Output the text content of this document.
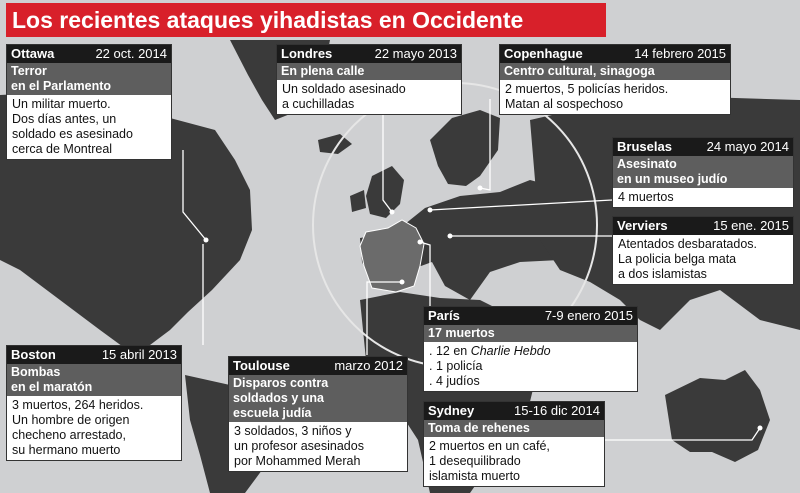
Los recientes ataques yihadistas en Occidente
Ottawa	22 oct. 2014
Terror
en el Parlamento
Un militar muerto.
Dos días antes, un
soldado es asesinado
cerca de Montreal
Londres	22 mayo 2013
En plena calle
Un soldado asesinado
a cuchilladas
Copenhague	14 febrero 2015
Centro cultural, sinagoga
2 muertos, 5 policías heridos.
Matan al sospechoso
Bruselas	24 mayo 2014
Asesinato
en un museo judío
4 muertos
Verviers	15 ene. 2015
Atentados desbaratados.
La policia belga mata
a dos islamistas
París	7-9 enero 2015
17 muertos
. 12 en Charlie Hebdo
. 1 policía
. 4 judíos
Boston	15 abril 2013
Bombas
en el maratón
3 muertos, 264 heridos.
Un hombre de origen
checheno arrestado,
su hermano muerto
Toulouse	marzo 2012
Disparos contra
soldados y una
escuela judía
3 soldados, 3 niños y
un profesor asesinados
por Mohammed Merah
Sydney	15-16 dic 2014
Toma de rehenes
2 muertos en un café,
1 desequilibrado
islamista muerto
